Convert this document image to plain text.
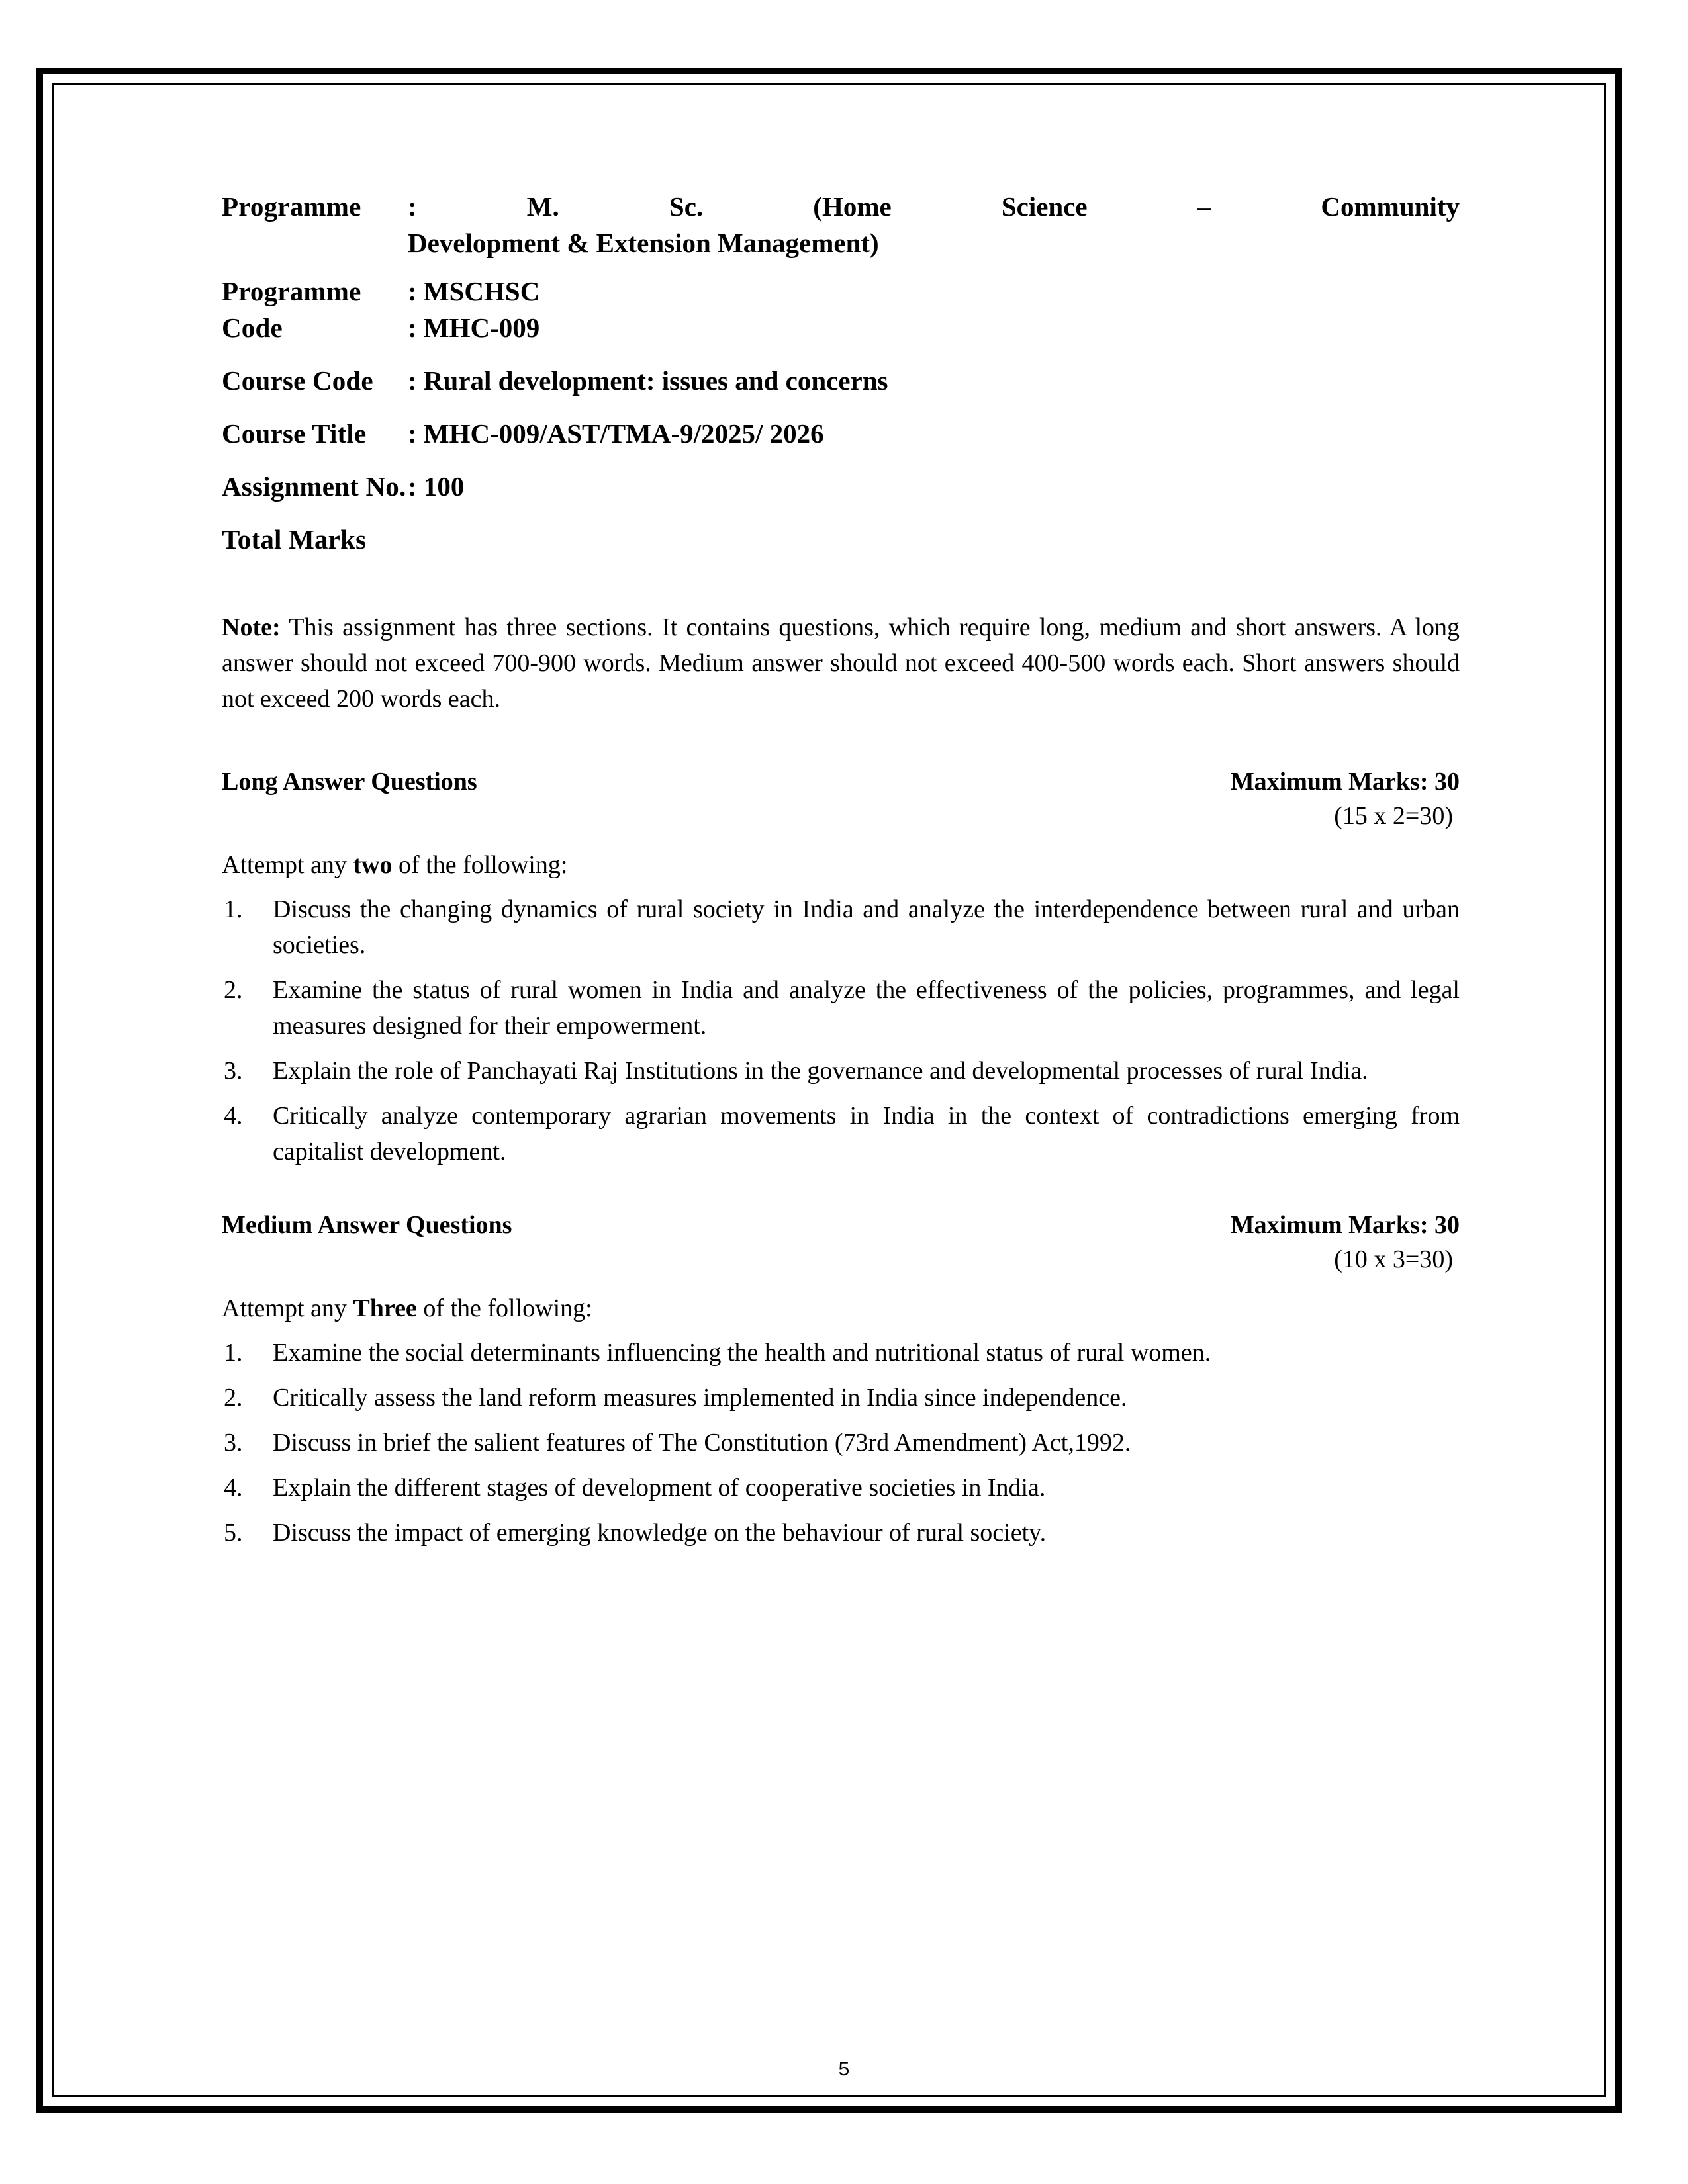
Programme	: M. Sc. (Home Science – Community
Development & Extension Management)
Programme	: MSCHSC
Code	: MHC-009
Course Code	: Rural development: issues and concerns
Course Title	: MHC-009/AST/TMA-9/2025/ 2026
Assignment No. : 100
Total Marks
Note: This assignment has three sections. It contains questions, which require long, medium and short answers. A long answer should not exceed 700-900 words. Medium answer should not exceed 400-500 words each. Short answers should not exceed 200 words each.
Long Answer Questions	Maximum Marks: 30
(15 x 2=30)
Attempt any two of the following:
Discuss the changing dynamics of rural society in India and analyze the interdependence between rural and urban societies.
Examine the status of rural women in India and analyze the effectiveness of the policies, programmes, and legal measures designed for their empowerment.
Explain the role of Panchayati Raj Institutions in the governance and developmental processes of rural India.
Critically analyze contemporary agrarian movements in India in the context of contradictions emerging from capitalist development.
Medium Answer Questions	Maximum Marks: 30
(10 x 3=30)
Attempt any Three of the following:
Examine the social determinants influencing the health and nutritional status of rural women.
Critically assess the land reform measures implemented in India since independence.
Discuss in brief the salient features of The Constitution (73rd Amendment) Act,1992.
Explain the different stages of development of cooperative societies in India.
Discuss the impact of emerging knowledge on the behaviour of rural society.
5
